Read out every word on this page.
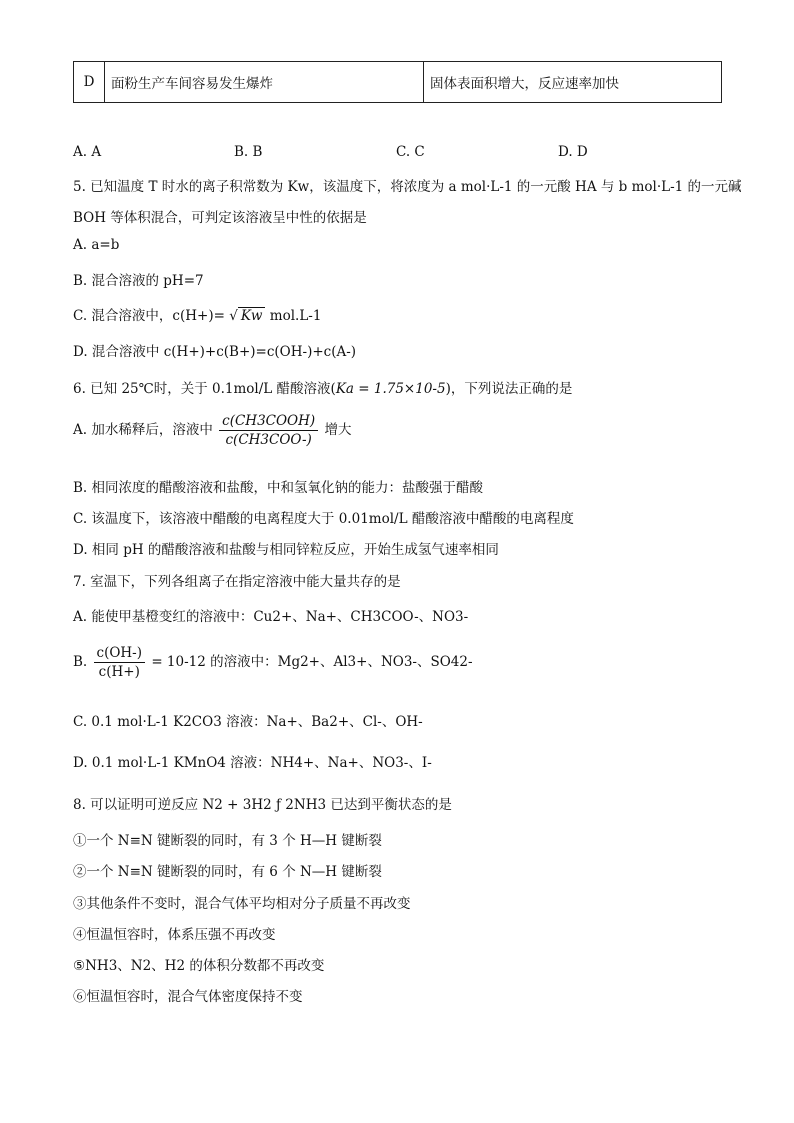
D	面粉生产车间容易发生爆炸	固体表面积增大，反应速率加快
A. A	B. B	C. C	D. D
5. 已知温度 T 时水的离子积常数为 Kw，该温度下，将浓度为 a mol·L-1 的一元酸 HA 与 b mol·L-1 的一元碱
BOH 等体积混合，可判定该溶液呈中性的依据是
A. a=b
B. 混合溶液的 pH=7
C. 混合溶液中，c(H+)= √ Kw mol.L-1
D. 混合溶液中 c(H+)+c(B+)=c(OH-)+c(A-)
6. 已知 25℃时，关于 0.1mol/L 醋酸溶液(Ka = 1.75×10-5)，下列说法正确的是
A. 加水稀释后，溶液中 $\frac{\text{c(CH3COOH)}}{\text{c(CH3COO-)}}$ 增大
B. 相同浓度的醋酸溶液和盐酸，中和氢氧化钠的能力：盐酸强于醋酸
C. 该温度下，该溶液中醋酸的电离程度大于 0.01mol/L 醋酸溶液中醋酸的电离程度
D. 相同 pH 的醋酸溶液和盐酸与相同锌粒反应，开始生成氢气速率相同
7. 室温下，下列各组离子在指定溶液中能大量共存的是
A. 能使甲基橙变红的溶液中：Cu2+、Na+、CH3COO-、NO3-
B. $\frac{c(OH-)}{c(H+)} = 10-12$ 的溶液中：Mg2+、Al3+、NO3-、SO42-
C. 0.1 mol·L-1 K2CO3 溶液：Na+、Ba2+、Cl-、OH-
D. 0.1 mol·L-1 KMnO4 溶液：NH4+、Na+、NO3-、I-
8. 可以证明可逆反应 N2 + 3H2 ƒ 2NH3 已达到平衡状态的是
①一个 N≡N 键断裂的同时，有 3 个 H—H 键断裂
②一个 N≡N 键断裂的同时，有 6 个 N—H 键断裂
③其他条件不变时，混合气体平均相对分子质量不再改变
④恒温恒容时，体系压强不再改变
⑤NH3、N2、H2 的体积分数都不再改变
⑥恒温恒容时，混合气体密度保持不变
